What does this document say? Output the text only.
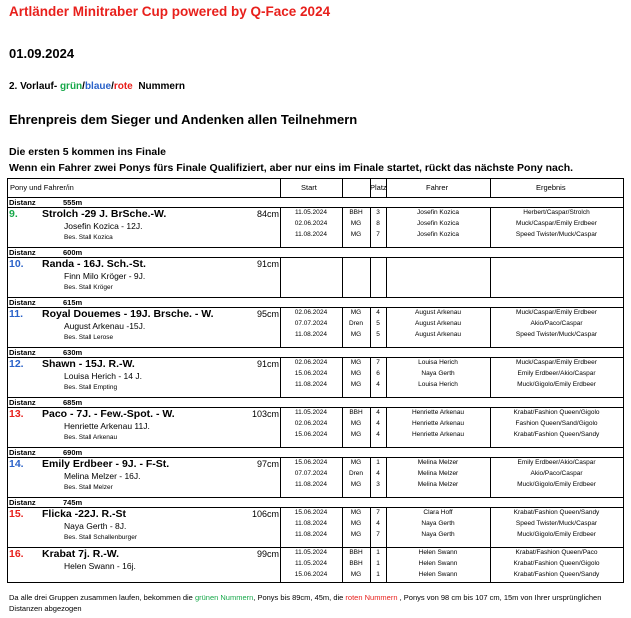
Artländer Minitraber Cup powered by Q-Face 2024
01.09.2024
2. Vorlauf- grün/blaue/rote Nummern
Ehrenpreis dem Sieger und Andenken allen Teilnehmern
Die ersten 5 kommen ins Finale
Wenn ein Fahrer zwei Ponys fürs Finale Qualifiziert, aber nur eins im Finale startet, rückt das nächste Pony nach.
Pony und Fahrer/in	Start	Platz	Fahrer	Ergebnis
Distanz	555m
9. Strolch -29 J. BrSche.-W.	84cm
Josefin Kozica - 12J.
Bes. Stall Kozica
11.05.2024	BBH	3	Josefin Kozica	Herbert/Caspar/Strolch
02.06.2024	MG	8	Josefin Kozica	Muck/Caspar/Emily Erdbeer
11.08.2024	MG	7	Josefin Kozica	Speed Twister/Muck/Caspar
Distanz	600m
10. Randa - 16J. Sch.-St.	91cm
Finn Milo Kröger - 9J.
Bes. Stall Kröger
Distanz	615m
11. Royal Douemes - 19J. Brsche. - W.	95cm
August Arkenau -15J.
Bes. Stall Lerose
02.06.2024	MG	4	August Arkenau	Muck/Caspar/Emily Erdbeer
07.07.2024	Dren	5	August Arkenau	Akio/Paco/Caspar
11.08.2024	MG	5	August Arkenau	Speed Twister/Muck/Caspar
Distanz	630m
12. Shawn - 15J. R.-W.	91cm
Louisa Herich - 14 J.
Bes. Stall Empting
02.06.2024	MG	7	Louisa Herich	Muck/Caspar/Emily Erdbeer
15.06.2024	MG	6	Naya Gerth	Emily Erdbeer/Akio/Caspar
11.08.2024	MG	4	Louisa Herich	Muck/Gigolo/Emily Erdbeer
Distanz	685m
13. Paco - 7J. - Few.-Spot. - W.	103cm
Henriette Arkenau 11J.
Bes. Stall Arkenau
11.05.2024	BBH	4	Henriette Arkenau	Krabat/Fashion Queen/Gigolo
02.06.2024	MG	4	Henriette Arkenau	Fashion Queen/Sand/Gigolo
15.06.2024	MG	4	Henriette Arkenau	Krabat/Fashion Queen/Sandy
Distanz	690m
14. Emily Erdbeer - 9J. - F-St.	97cm
Melina Melzer - 16J.
Bes. Stall Melzer
15.06.2024	MG	1	Melina Melzer	Emily Erdbeer/Akio/Caspar
07.07.2024	Dren	4	Melina Melzer	Akio/Paco/Caspar
11.08.2024	MG	3	Melina Melzer	Muck/Gigolo/Emily Erdbeer
Distanz	745m
15. Flicka -22J. R.-St	106cm
Naya Gerth - 8J.
Bes. Stall Schallenburger
15.06.2024	MG	7	Clara Hoff	Krabat/Fashion Queen/Sandy
11.08.2024	MG	4	Naya Gerth	Speed Twister/Muck/Caspar
11.08.2024	MG	7	Naya Gerth	Muck/Gigolo/Emily Erdbeer
16. Krabat 7j. R.-W.	99cm
Helen Swann - 16j.
11.05.2024	BBH	1	Helen Swann	Krabat/Fashion Queen/Paco
11.05.2024	BBH	1	Helen Swann	Krabat/Fashion Queen/Gigolo
15.06.2024	MG	1	Helen Swann	Krabat/Fashion Queen/Sandy
Da alle drei Gruppen zusammen laufen, bekommen die grünen Nummern, Ponys bis 89cm, 45m, die roten Nummern , Ponys von 98 cm bis 107 cm, 15m von Ihrer ursprünglichen Distanzen abgezogen
